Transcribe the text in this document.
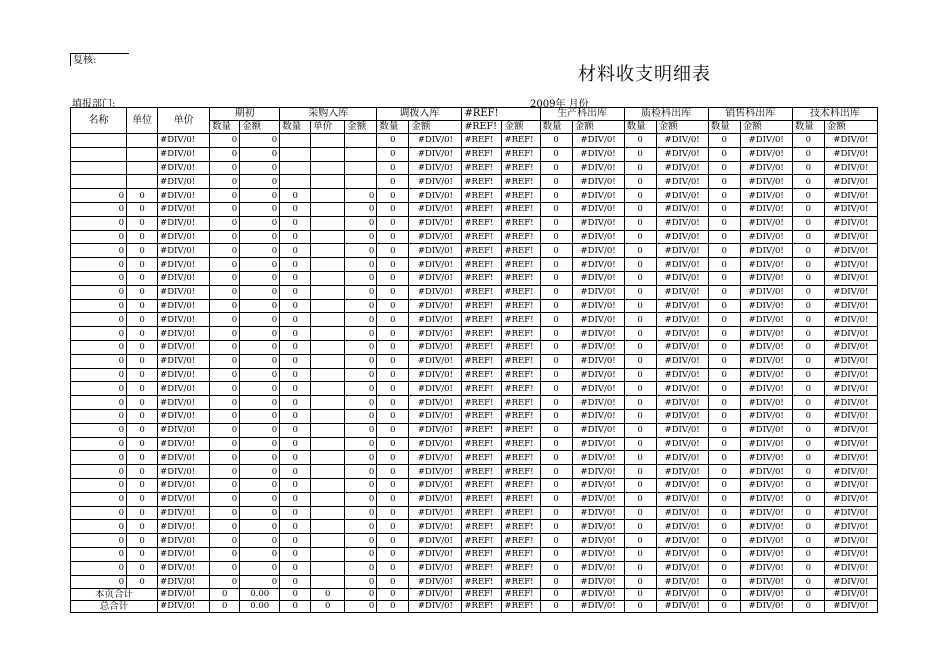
复核:
材料收支明细表
填报部门:	2009年 月份
名称	单位	单价	期初		采购入库			调拨入库		#REF!		生产科出库		质检科出库		销售科出库		技术科出库	
			数量	金额	数量	单价	金额	数量	金额	#REF!	金额	数量	金额	数量	金额	数量	金额	数量	金额
		#DIV/0!	0	0				0	#DIV/0!	#REF!	#REF!	0	#DIV/0!	0	#DIV/0!	0	#DIV/0!	0	#DIV/0!
		#DIV/0!	0	0				0	#DIV/0!	#REF!	#REF!	0	#DIV/0!	0	#DIV/0!	0	#DIV/0!	0	#DIV/0!
		#DIV/0!	0	0				0	#DIV/0!	#REF!	#REF!	0	#DIV/0!	0	#DIV/0!	0	#DIV/0!	0	#DIV/0!
		#DIV/0!	0	0				0	#DIV/0!	#REF!	#REF!	0	#DIV/0!	0	#DIV/0!	0	#DIV/0!	0	#DIV/0!
0	0	#DIV/0!	0	0	0		0	0	#DIV/0!	#REF!	#REF!	0	#DIV/0!	0	#DIV/0!	0	#DIV/0!	0	#DIV/0!
0	0	#DIV/0!	0	0	0		0	0	#DIV/0!	#REF!	#REF!	0	#DIV/0!	0	#DIV/0!	0	#DIV/0!	0	#DIV/0!
0	0	#DIV/0!	0	0	0		0	0	#DIV/0!	#REF!	#REF!	0	#DIV/0!	0	#DIV/0!	0	#DIV/0!	0	#DIV/0!
0	0	#DIV/0!	0	0	0		0	0	#DIV/0!	#REF!	#REF!	0	#DIV/0!	0	#DIV/0!	0	#DIV/0!	0	#DIV/0!
0	0	#DIV/0!	0	0	0		0	0	#DIV/0!	#REF!	#REF!	0	#DIV/0!	0	#DIV/0!	0	#DIV/0!	0	#DIV/0!
0	0	#DIV/0!	0	0	0		0	0	#DIV/0!	#REF!	#REF!	0	#DIV/0!	0	#DIV/0!	0	#DIV/0!	0	#DIV/0!
0	0	#DIV/0!	0	0	0		0	0	#DIV/0!	#REF!	#REF!	0	#DIV/0!	0	#DIV/0!	0	#DIV/0!	0	#DIV/0!
0	0	#DIV/0!	0	0	0		0	0	#DIV/0!	#REF!	#REF!	0	#DIV/0!	0	#DIV/0!	0	#DIV/0!	0	#DIV/0!
0	0	#DIV/0!	0	0	0		0	0	#DIV/0!	#REF!	#REF!	0	#DIV/0!	0	#DIV/0!	0	#DIV/0!	0	#DIV/0!
0	0	#DIV/0!	0	0	0		0	0	#DIV/0!	#REF!	#REF!	0	#DIV/0!	0	#DIV/0!	0	#DIV/0!	0	#DIV/0!
0	0	#DIV/0!	0	0	0		0	0	#DIV/0!	#REF!	#REF!	0	#DIV/0!	0	#DIV/0!	0	#DIV/0!	0	#DIV/0!
0	0	#DIV/0!	0	0	0		0	0	#DIV/0!	#REF!	#REF!	0	#DIV/0!	0	#DIV/0!	0	#DIV/0!	0	#DIV/0!
0	0	#DIV/0!	0	0	0		0	0	#DIV/0!	#REF!	#REF!	0	#DIV/0!	0	#DIV/0!	0	#DIV/0!	0	#DIV/0!
0	0	#DIV/0!	0	0	0		0	0	#DIV/0!	#REF!	#REF!	0	#DIV/0!	0	#DIV/0!	0	#DIV/0!	0	#DIV/0!
0	0	#DIV/0!	0	0	0		0	0	#DIV/0!	#REF!	#REF!	0	#DIV/0!	0	#DIV/0!	0	#DIV/0!	0	#DIV/0!
0	0	#DIV/0!	0	0	0		0	0	#DIV/0!	#REF!	#REF!	0	#DIV/0!	0	#DIV/0!	0	#DIV/0!	0	#DIV/0!
0	0	#DIV/0!	0	0	0		0	0	#DIV/0!	#REF!	#REF!	0	#DIV/0!	0	#DIV/0!	0	#DIV/0!	0	#DIV/0!
0	0	#DIV/0!	0	0	0		0	0	#DIV/0!	#REF!	#REF!	0	#DIV/0!	0	#DIV/0!	0	#DIV/0!	0	#DIV/0!
0	0	#DIV/0!	0	0	0		0	0	#DIV/0!	#REF!	#REF!	0	#DIV/0!	0	#DIV/0!	0	#DIV/0!	0	#DIV/0!
0	0	#DIV/0!	0	0	0		0	0	#DIV/0!	#REF!	#REF!	0	#DIV/0!	0	#DIV/0!	0	#DIV/0!	0	#DIV/0!
0	0	#DIV/0!	0	0	0		0	0	#DIV/0!	#REF!	#REF!	0	#DIV/0!	0	#DIV/0!	0	#DIV/0!	0	#DIV/0!
0	0	#DIV/0!	0	0	0		0	0	#DIV/0!	#REF!	#REF!	0	#DIV/0!	0	#DIV/0!	0	#DIV/0!	0	#DIV/0!
0	0	#DIV/0!	0	0	0		0	0	#DIV/0!	#REF!	#REF!	0	#DIV/0!	0	#DIV/0!	0	#DIV/0!	0	#DIV/0!
0	0	#DIV/0!	0	0	0		0	0	#DIV/0!	#REF!	#REF!	0	#DIV/0!	0	#DIV/0!	0	#DIV/0!	0	#DIV/0!
0	0	#DIV/0!	0	0	0		0	0	#DIV/0!	#REF!	#REF!	0	#DIV/0!	0	#DIV/0!	0	#DIV/0!	0	#DIV/0!
0	0	#DIV/0!	0	0	0		0	0	#DIV/0!	#REF!	#REF!	0	#DIV/0!	0	#DIV/0!	0	#DIV/0!	0	#DIV/0!
0	0	#DIV/0!	0	0	0		0	0	#DIV/0!	#REF!	#REF!	0	#DIV/0!	0	#DIV/0!	0	#DIV/0!	0	#DIV/0!
0	0	#DIV/0!	0	0	0		0	0	#DIV/0!	#REF!	#REF!	0	#DIV/0!	0	#DIV/0!	0	#DIV/0!	0	#DIV/0!
0	0	#DIV/0!	0	0	0		0	0	#DIV/0!	#REF!	#REF!	0	#DIV/0!	0	#DIV/0!	0	#DIV/0!	0	#DIV/0!
本页合计		#DIV/0!	0	0.00	0	0	0	0	#DIV/0!	#REF!	#REF!	0	#DIV/0!	0	#DIV/0!	0	#DIV/0!	0	#DIV/0!
总合计		#DIV/0!	0	0.00	0	0	0	0	#DIV/0!	#REF!	#REF!	0	#DIV/0!	0	#DIV/0!	0	#DIV/0!	0	#DIV/0!
